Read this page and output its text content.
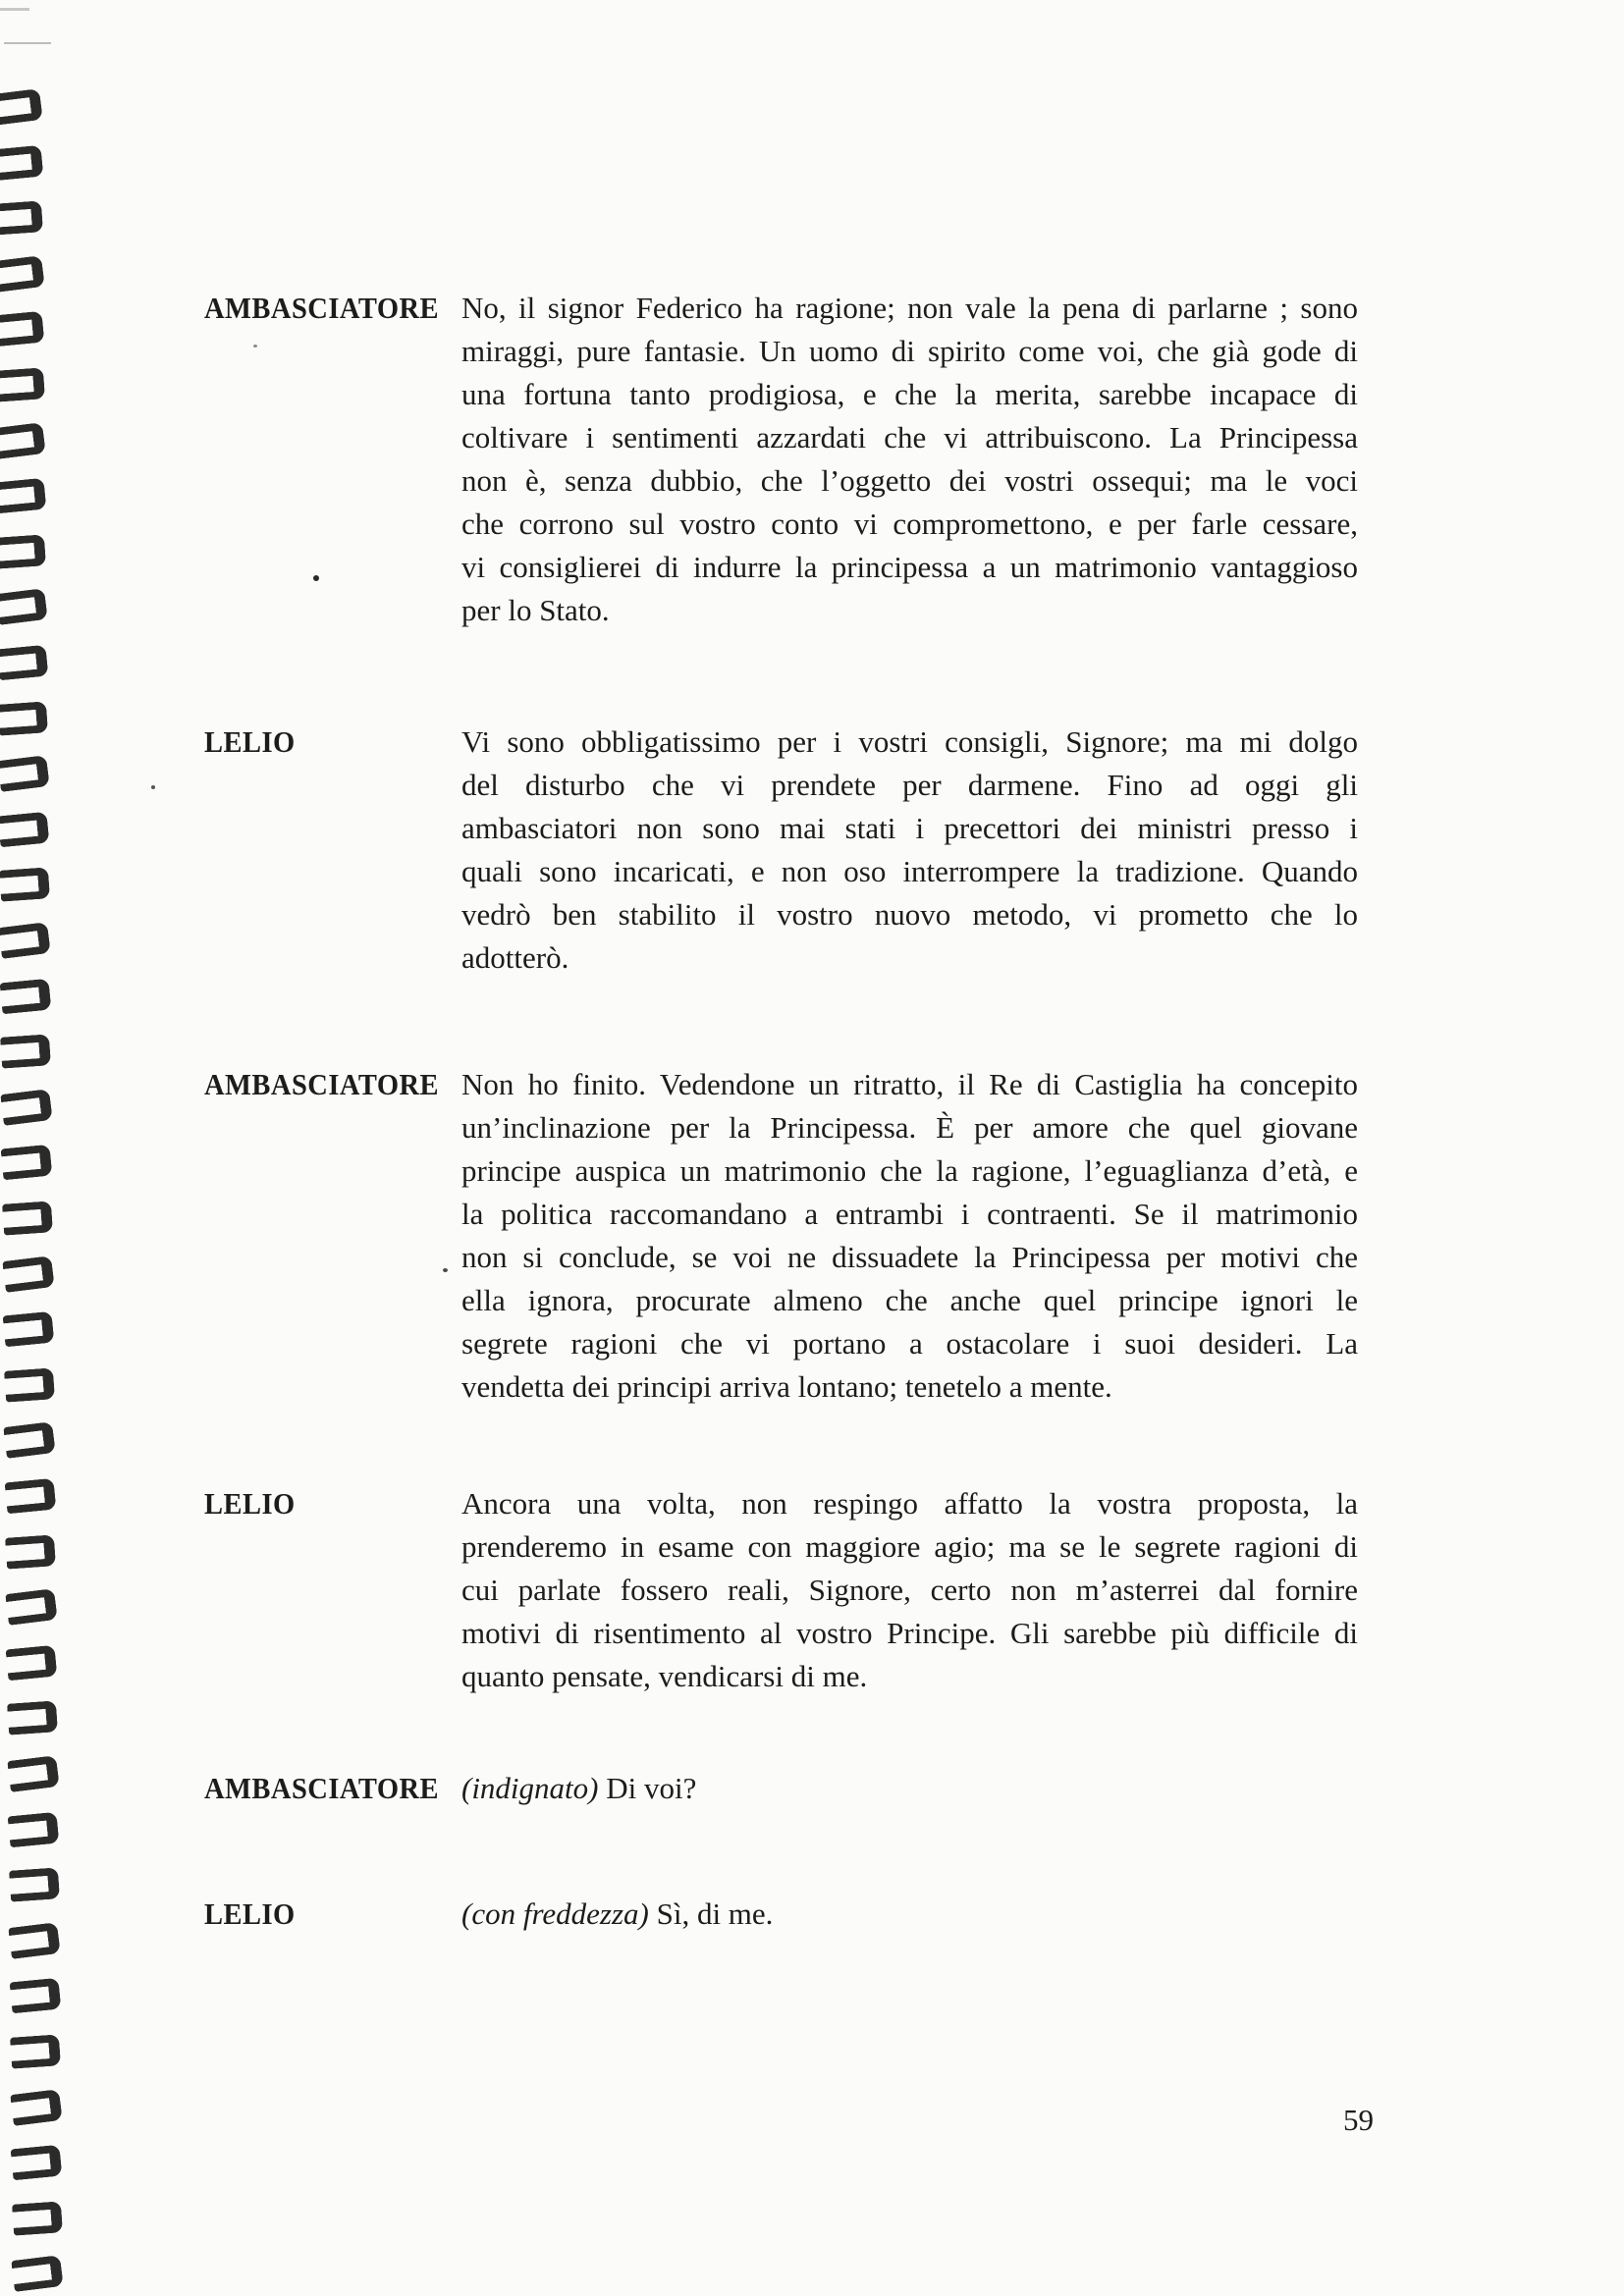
AMBASCIATORE No, il signor Federico ha ragione; non vale la pena di parlarne ; sono
miraggi, pure fantasie. Un uomo di spirito come voi, che già gode di
una fortuna tanto prodigiosa, e che la merita, sarebbe incapace di
coltivare i sentimenti azzardati che vi attribuiscono. La Principessa
non è, senza dubbio, che l’oggetto dei vostri ossequi; ma le voci
che corrono sul vostro conto vi compromettono, e per farle cessare,
vi consiglierei di indurre la principessa a un matrimonio vantaggioso
per lo Stato.
LELIO	Vi sono obbligatissimo per i vostri consigli, Signore; ma mi dolgo
del disturbo che vi prendete per darmene. Fino ad oggi gli
ambasciatori non sono mai stati i precettori dei ministri presso i
quali sono incaricati, e non oso interrompere la tradizione. Quando
vedrò ben stabilito il vostro nuovo metodo, vi prometto che lo
adotterò.
AMBASCIATORE Non ho finito. Vedendone un ritratto, il Re di Castiglia ha concepito
un’inclinazione per la Principessa. È per amore che quel giovane
principe auspica un matrimonio che la ragione, l’eguaglianza d’età, e
la politica raccomandano a entrambi i contraenti. Se il matrimonio
non si conclude, se voi ne dissuadete la Principessa per motivi che
ella ignora, procurate almeno che anche quel principe ignori le
segrete ragioni che vi portano a ostacolare i suoi desideri. La
vendetta dei principi arriva lontano; tenetelo a mente.
LELIO	Ancora una volta, non respingo affatto la vostra proposta, la
prenderemo in esame con maggiore agio; ma se le segrete ragioni di
cui parlate fossero reali, Signore, certo non m’asterrei dal fornire
motivi di risentimento al vostro Principe. Gli sarebbe più difficile di
quanto pensate, vendicarsi di me.
AMBASCIATORE (indignato) Di voi?
LELIO	(con freddezza) Sì, di me.
59
